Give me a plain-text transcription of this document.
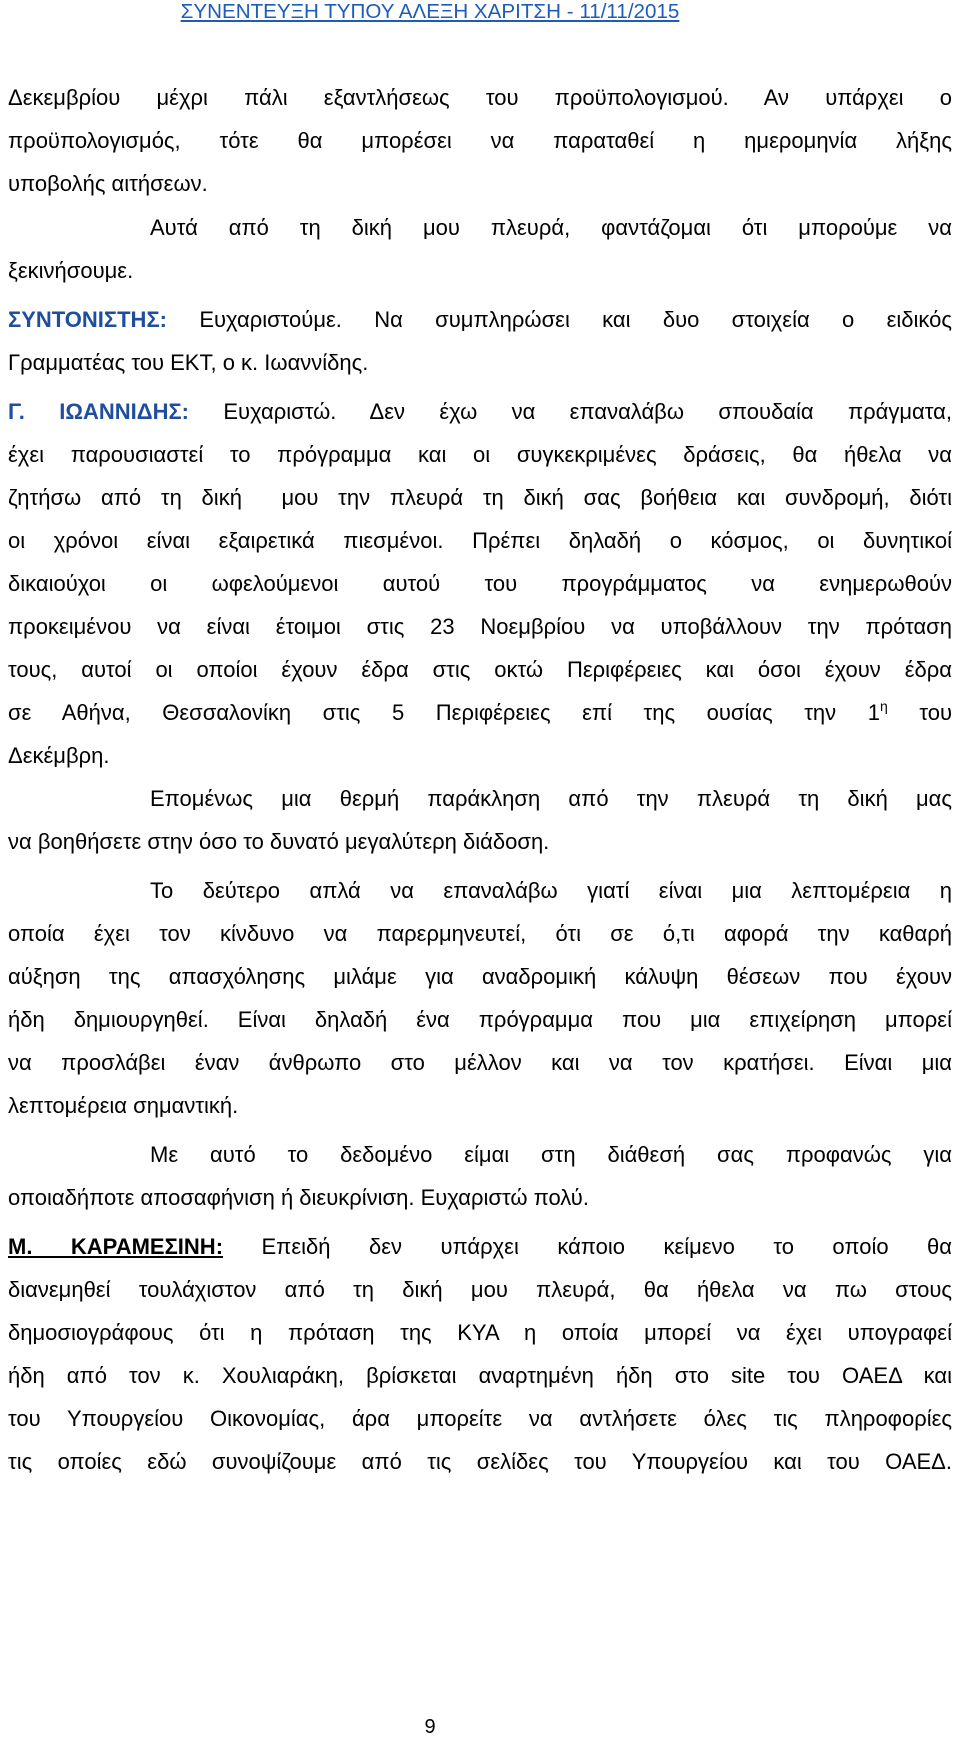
ΣΥΝΕΝΤΕΥΞΗ ΤΥΠΟΥ ΑΛΕΞΗ ΧΑΡΙΤΣΗ - 11/11/2015
Δεκεμβρίου μέχρι πάλι εξαντλήσεως του προϋπολογισμού. Αν υπάρχει ο
προϋπολογισμός, τότε θα μπορέσει να παραταθεί η ημερομηνία λήξης
υποβολής αιτήσεων.
Αυτά από τη δική μου πλευρά, φαντάζομαι ότι μπορούμε να
ξεκινήσουμε.
ΣΥΝΤΟΝΙΣΤΗΣ: Ευχαριστούμε. Να συμπληρώσει και δυο στοιχεία ο ειδικός
Γραμματέας του ΕΚΤ, ο κ. Ιωαννίδης.
Γ. ΙΩΑΝΝΙΔΗΣ: Ευχαριστώ. Δεν έχω να επαναλάβω σπουδαία πράγματα,
έχει παρουσιαστεί το πρόγραμμα και οι συγκεκριμένες δράσεις, θα ήθελα να
ζητήσω από τη δική  μου την πλευρά τη δική σας βοήθεια και συνδρομή, διότι
οι χρόνοι είναι εξαιρετικά πιεσμένοι. Πρέπει δηλαδή ο κόσμος, οι δυνητικοί
δικαιούχοι οι ωφελούμενοι αυτού του προγράμματος να ενημερωθούν
προκειμένου να είναι έτοιμοι στις 23 Νοεμβρίου να υποβάλλουν την πρόταση
τους, αυτοί οι οποίοι έχουν έδρα στις οκτώ Περιφέρειες και όσοι έχουν έδρα
σε Αθήνα, Θεσσαλονίκη στις 5 Περιφέρειες επί της ουσίας την $1^\eta$ του
Δεκέμβρη.
Επομένως μια θερμή παράκληση από την πλευρά τη δική μας
να βοηθήσετε στην όσο το δυνατό μεγαλύτερη διάδοση.
Το δεύτερο απλά να επαναλάβω γιατί είναι μια λεπτομέρεια η
οποία έχει τον κίνδυνο να παρερμηνευτεί, ότι σε ό,τι αφορά την καθαρή
αύξηση της απασχόλησης μιλάμε για αναδρομική κάλυψη θέσεων που έχουν
ήδη δημιουργηθεί. Είναι δηλαδή ένα πρόγραμμα που μια επιχείρηση μπορεί
να προσλάβει έναν άνθρωπο στο μέλλον και να τον κρατήσει. Είναι μια
λεπτομέρεια σημαντική.
Με αυτό το δεδομένο είμαι στη διάθεσή σας προφανώς για
οποιαδήποτε αποσαφήνιση ή διευκρίνιση. Ευχαριστώ πολύ.
Μ. ΚΑΡΑΜΕΣΙΝΗ: Επειδή δεν υπάρχει κάποιο κείμενο το οποίο θα
διανεμηθεί τουλάχιστον από τη δική μου πλευρά, θα ήθελα να πω στους
δημοσιογράφους ότι η πρόταση της ΚΥΑ η οποία μπορεί να έχει υπογραφεί
ήδη από τον κ. Χουλιαράκη, βρίσκεται αναρτημένη ήδη στο site του ΟΑΕΔ και
του Υπουργείου Οικονομίας, άρα μπορείτε να αντλήσετε όλες τις πληροφορίες
τις οποίες εδώ συνοψίζουμε από τις σελίδες του Υπουργείου και του ΟΑΕΔ.
9
